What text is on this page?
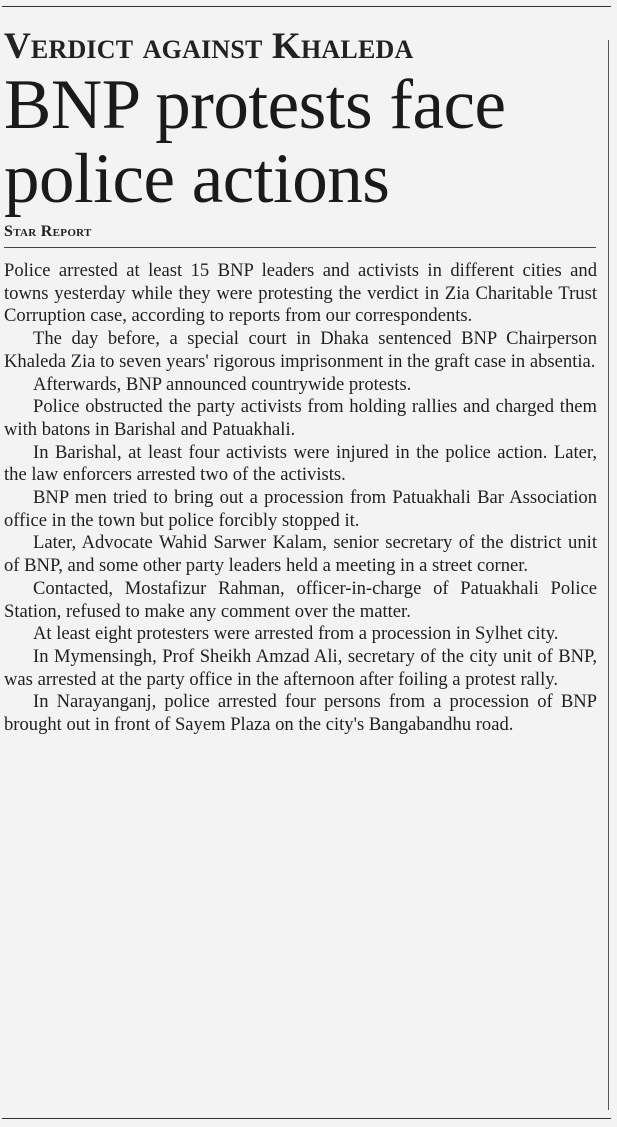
Verdict against Khaleda
BNP protests face police actions
Star Report

Police arrested at least 15 BNP leaders and activists in different cities and towns yesterday while they were protesting the verdict in Zia Charitable Trust Corruption case, according to reports from our correspondents.

The day before, a special court in Dhaka sentenced BNP Chairperson Khaleda Zia to seven years' rigorous imprisonment in the graft case in absentia.

Afterwards, BNP announced countrywide protests.

Police obstructed the party activists from holding rallies and charged them with batons in Barishal and Patuakhali.

In Barishal, at least four activists were injured in the police action. Later, the law enforcers arrested two of the activists.

BNP men tried to bring out a procession from Patuakhali Bar Association office in the town but police forcibly stopped it.

Later, Advocate Wahid Sarwer Kalam, senior secretary of the district unit of BNP, and some other party leaders held a meeting in a street corner.

Contacted, Mostafizur Rahman, officer-in-charge of Patuakhali Police Station, refused to make any comment over the matter.

At least eight protesters were arrested from a procession in Sylhet city.

In Mymensingh, Prof Sheikh Amzad Ali, secretary of the city unit of BNP, was arrested at the party office in the afternoon after foiling a protest rally.

In Narayanganj, police arrested four persons from a procession of BNP brought out in front of Sayem Plaza on the city's Bangabandhu road.
